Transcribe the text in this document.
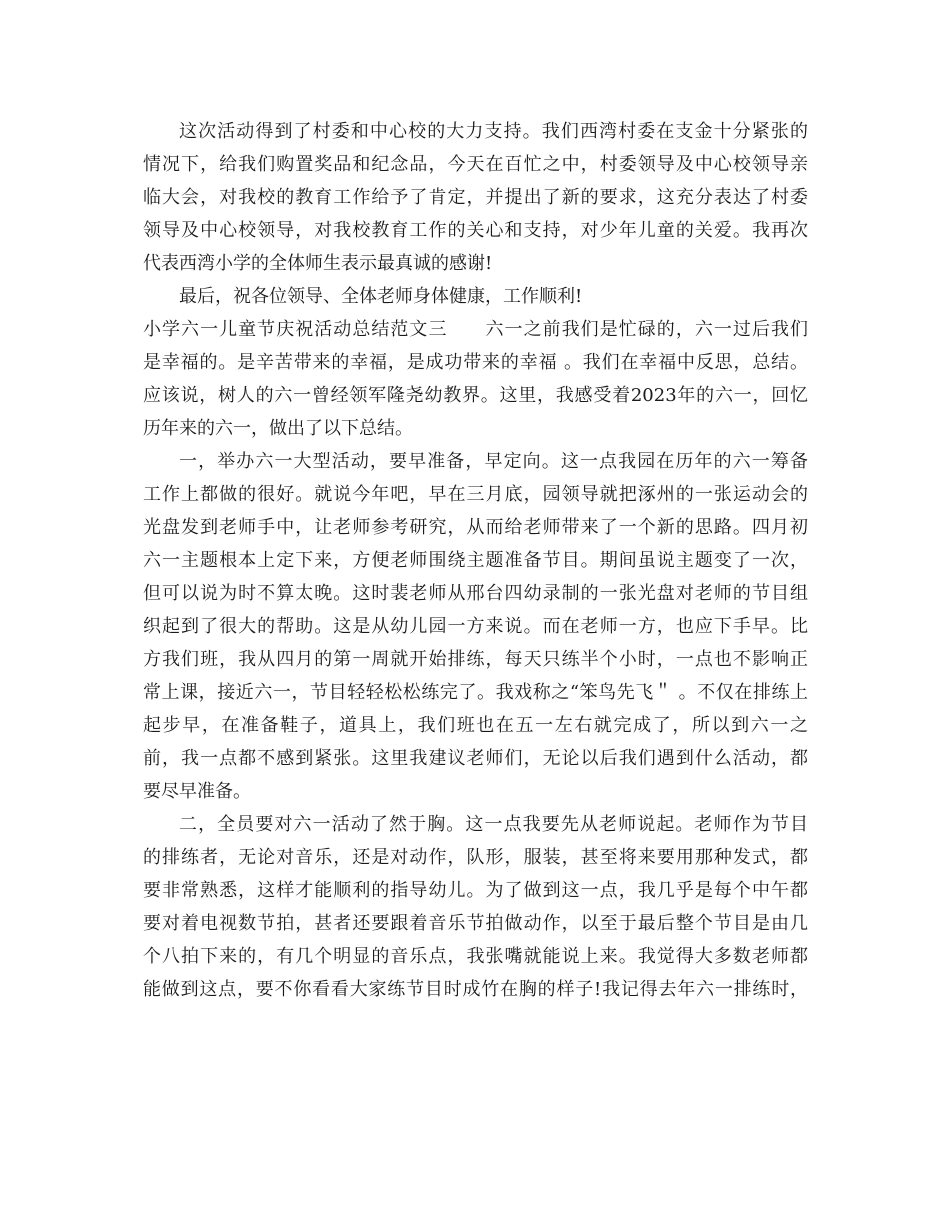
这次活动得到了村委和中心校的大力支持。我们西湾村委在支金十分紧张的
情况下，给我们购置奖品和纪念品，今天在百忙之中，村委领导及中心校领导亲
临大会，对我校的教育工作给予了肯定，并提出了新的要求，这充分表达了村委
领导及中心校领导，对我校教育工作的关心和支持，对少年儿童的关爱。我再次
代表西湾小学的全体师生表示最真诚的感谢!
最后，祝各位领导、全体老师身体健康，工作顺利!
小学六一儿童节庆祝活动总结范文三　　六一之前我们是忙碌的，六一过后我们
是幸福的。是辛苦带来的幸福，是成功带来的幸福 。我们在幸福中反思，总结。
应该说，树人的六一曾经领军隆尧幼教界。这里，我感受着2023年的六一，回忆
历年来的六一，做出了以下总结。
一，举办六一大型活动，要早准备，早定向。这一点我园在历年的六一筹备
工作上都做的很好。就说今年吧，早在三月底，园领导就把涿州的一张运动会的
光盘发到老师手中，让老师参考研究，从而给老师带来了一个新的思路。四月初
六一主题根本上定下来，方便老师围绕主题准备节目。期间虽说主题变了一次，
但可以说为时不算太晚。这时裴老师从邢台四幼录制的一张光盘对老师的节目组
织起到了很大的帮助。这是从幼儿园一方来说。而在老师一方，也应下手早。比
方我们班，我从四月的第一周就开始排练，每天只练半个小时，一点也不影响正
常上课，接近六一，节目轻轻松松练完了。我戏称之“笨鸟先飞＂ 。不仅在排练上
起步早，在准备鞋子，道具上，我们班也在五一左右就完成了，所以到六一之
前，我一点都不感到紧张。这里我建议老师们，无论以后我们遇到什么活动，都
要尽早准备。
二，全员要对六一活动了然于胸。这一点我要先从老师说起。老师作为节目
的排练者，无论对音乐，还是对动作，队形，服装，甚至将来要用那种发式，都
要非常熟悉，这样才能顺利的指导幼儿。为了做到这一点，我几乎是每个中午都
要对着电视数节拍，甚者还要跟着音乐节拍做动作，以至于最后整个节目是由几
个八拍下来的，有几个明显的音乐点，我张嘴就能说上来。我觉得大多数老师都
能做到这点，要不你看看大家练节目时成竹在胸的样子!我记得去年六一排练时，
